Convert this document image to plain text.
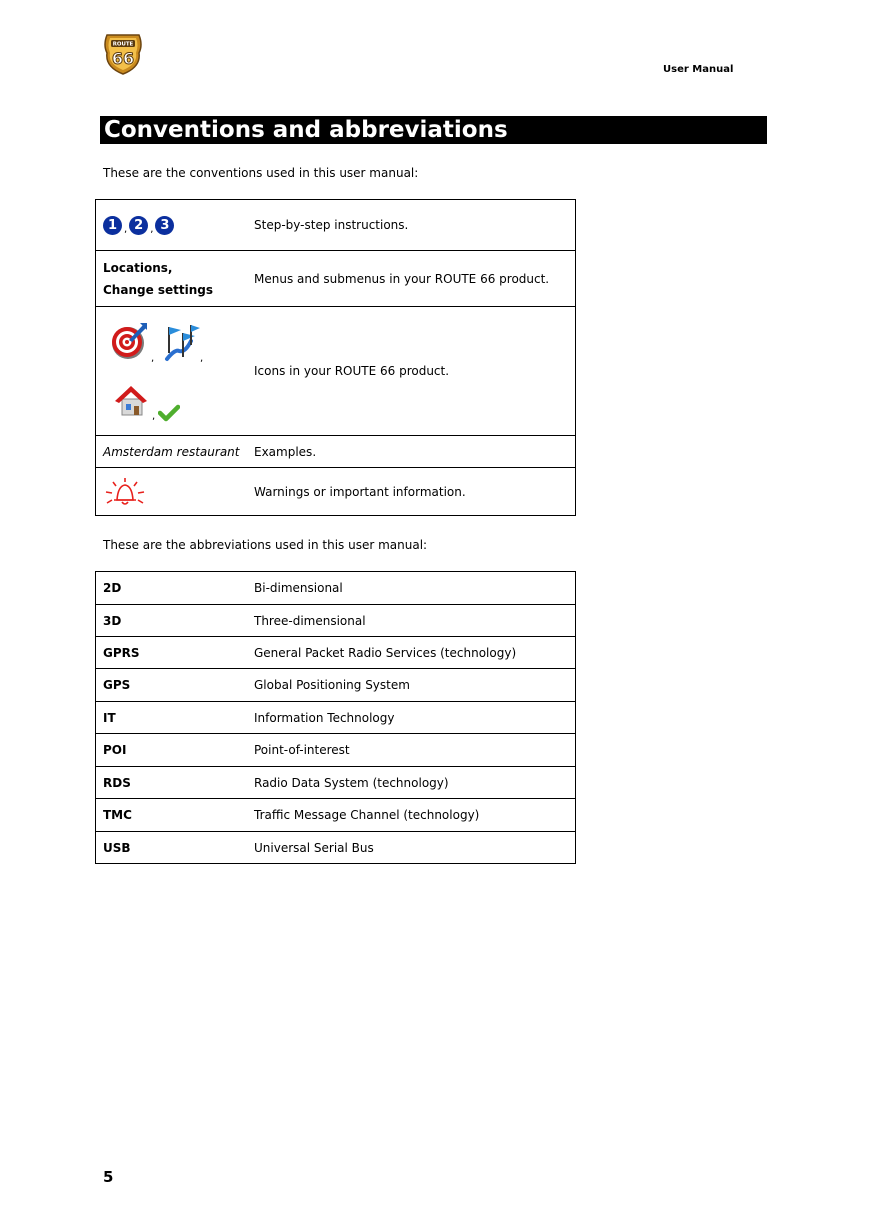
ROUTE
66
User Manual
Conventions and abbreviations
These are the conventions used in this user manual:
1 , 2 , 3	Step-by-step instructions.

Locations,
Change settings	Menus and submenus in your ROUTE 66 product.

, ,
,	Icons in your ROUTE 66 product.
Amsterdam restaurant	Examples.

	Warnings or important information.
These are the abbreviations used in this user manual:
2D	Bi-dimensional
3D	Three-dimensional
GPRS	General Packet Radio Services (technology)
GPS	Global Positioning System
IT	Information Technology
POI	Point-of-interest
RDS	Radio Data System (technology)
TMC	Traffic Message Channel (technology)
USB	Universal Serial Bus
5
